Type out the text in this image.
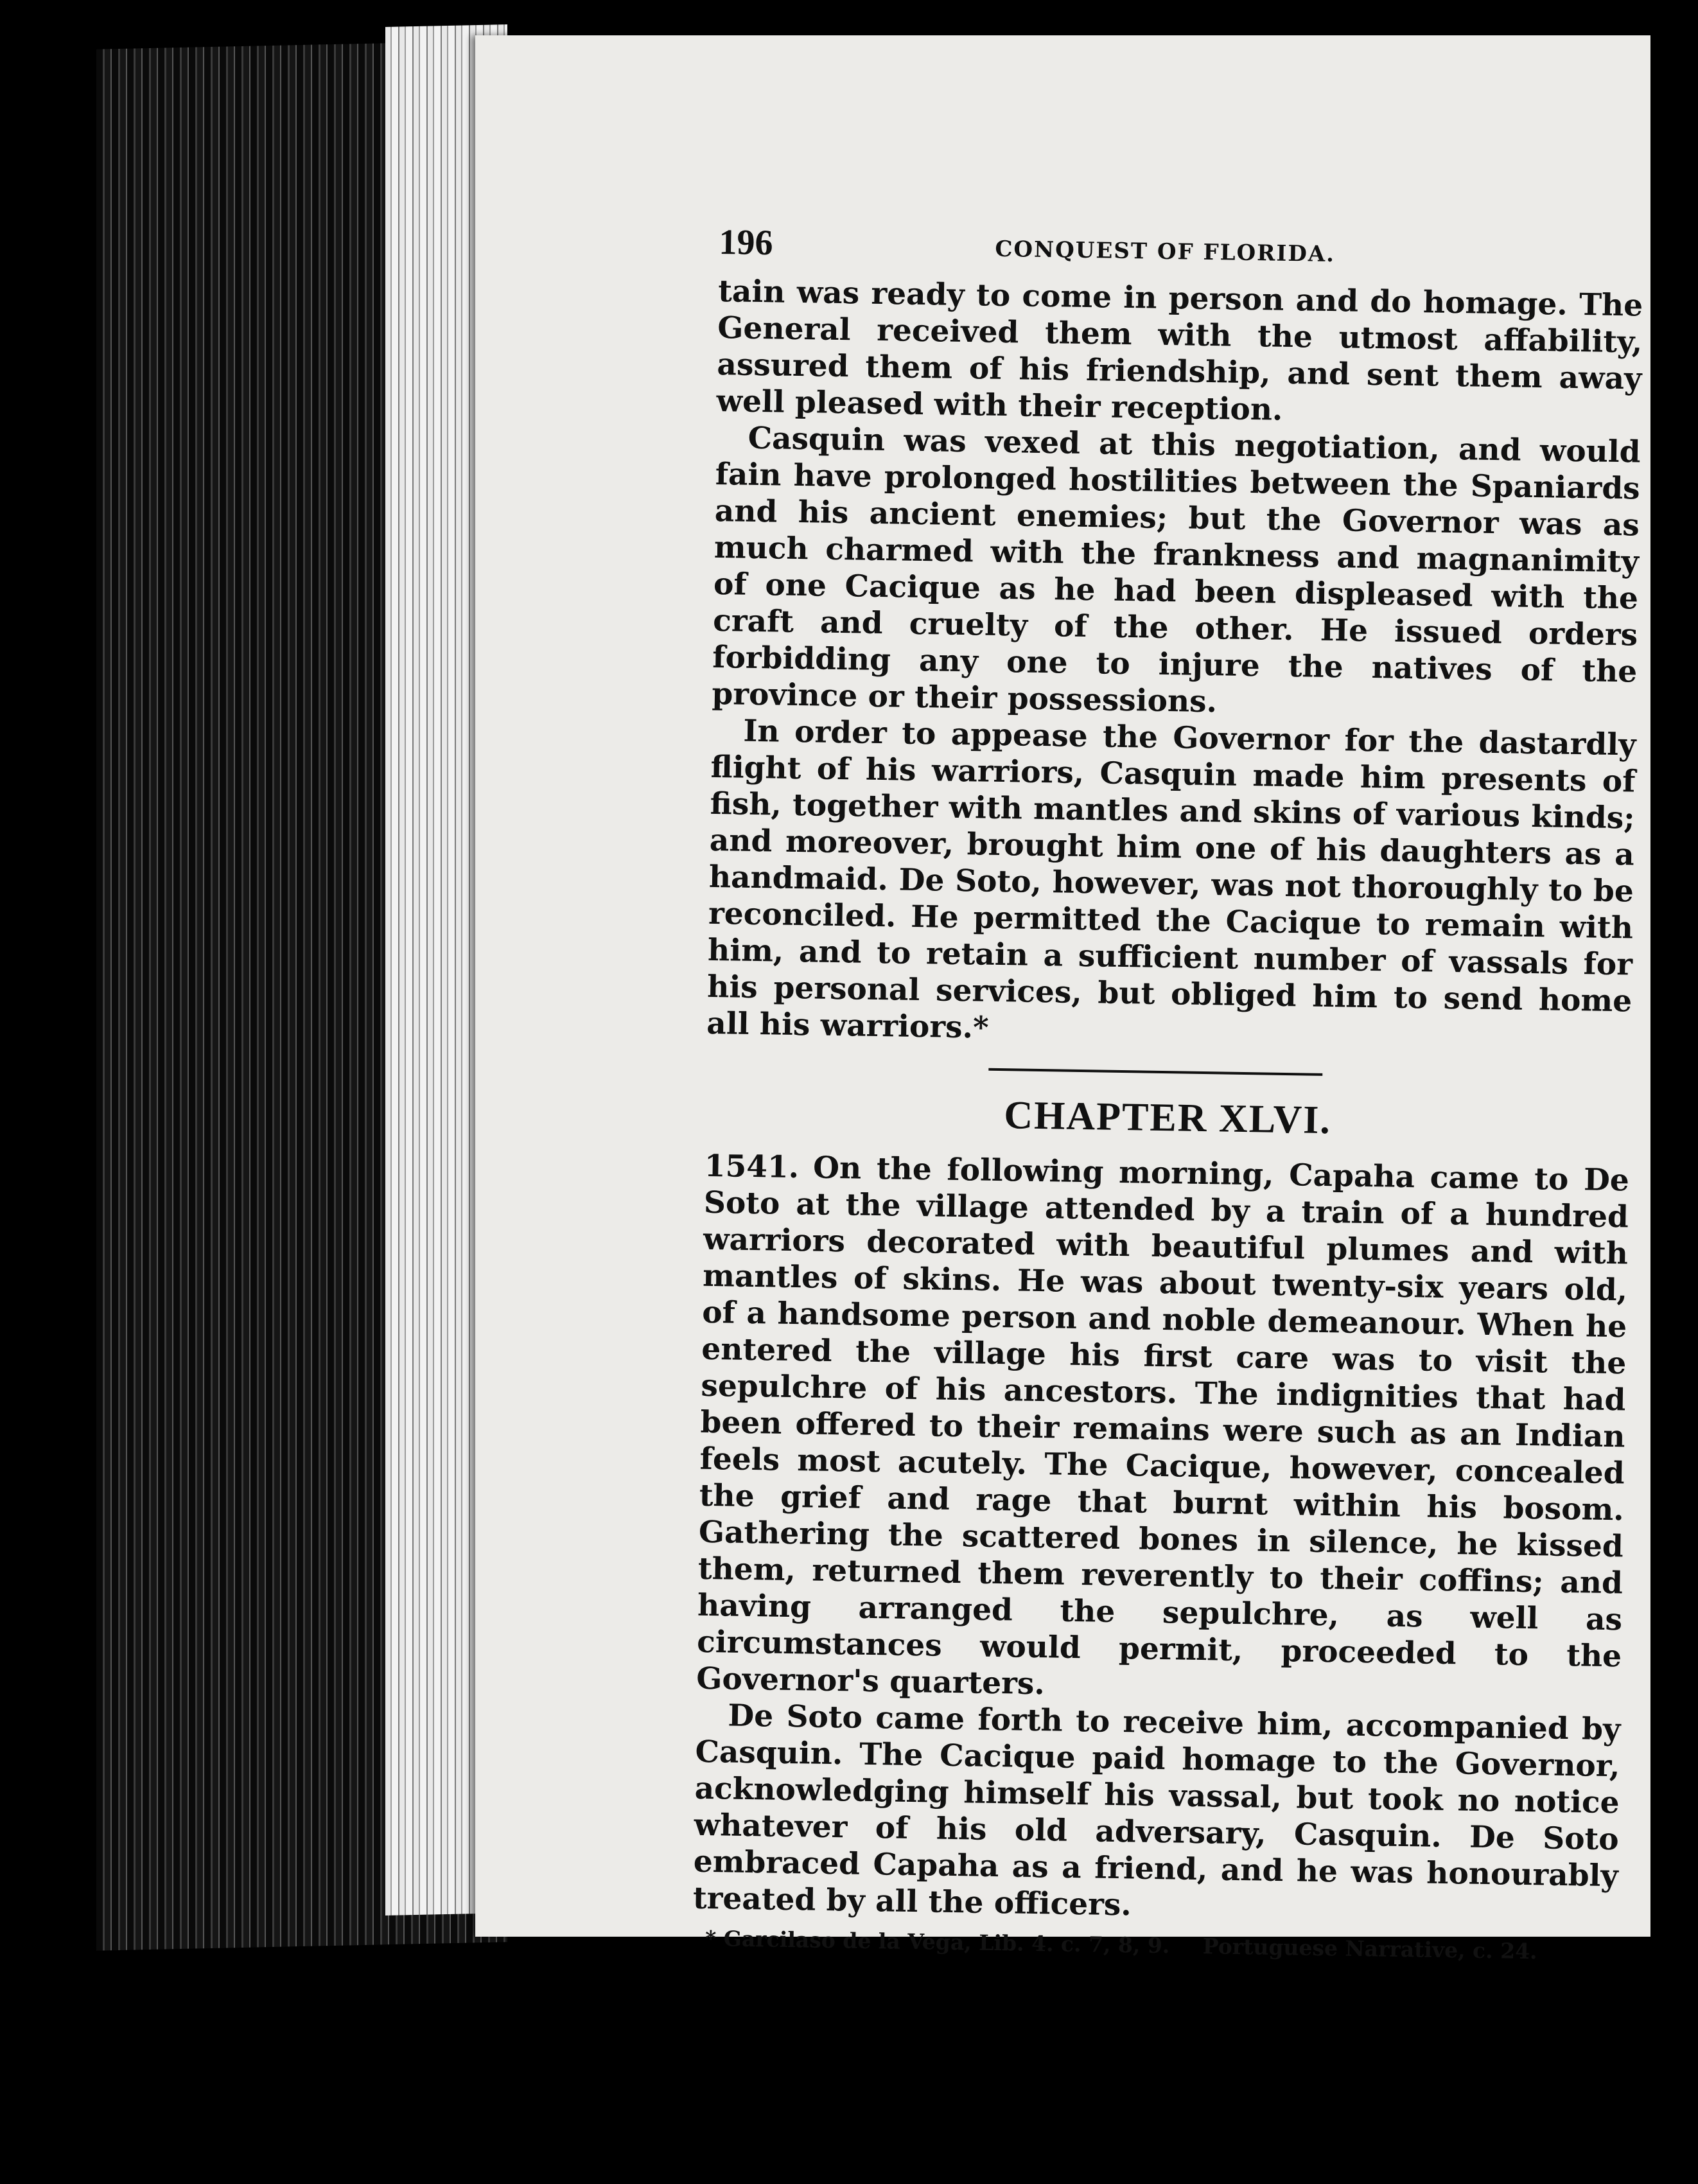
196	CONQUEST OF FLORIDA.

tain was ready to come in person and do homage. The General received them with the utmost affability, assured them of his friendship, and sent them away well pleased with their reception.

Casquin was vexed at this negotiation, and would fain have prolonged hostilities between the Spaniards and his ancient enemies; but the Governor was as much charmed with the frankness and magnanimity of one Cacique as he had been displeased with the craft and cruelty of the other. He issued orders forbidding any one to injure the natives of the province or their possessions.

In order to appease the Governor for the dastardly flight of his warriors, Casquin made him presents of fish, together with mantles and skins of various kinds; and moreover, brought him one of his daughters as a handmaid. De Soto, however, was not thoroughly to be reconciled. He permitted the Cacique to remain with him, and to retain a sufficient number of vassals for his personal services, but obliged him to send home all his warriors.*

CHAPTER XLVI.

1541. On the following morning, Capaha came to De Soto at the village attended by a train of a hundred warriors decorated with beautiful plumes and with mantles of skins. He was about twenty-six years old, of a handsome person and noble demeanour. When he entered the village his first care was to visit the sepulchre of his ancestors. The indignities that had been offered to their remains were such as an Indian feels most acutely. The Cacique, however, concealed the grief and rage that burnt within his bosom. Gathering the scattered bones in silence, he kissed them, returned them reverently to their coffins; and having arranged the sepulchre, as well as circumstances would permit, proceeded to the Governor's quarters.

De Soto came forth to receive him, accompanied by Casquin. The Cacique paid homage to the Governor, acknowledging himself his vassal, but took no notice whatever of his old adversary, Casquin. De Soto embraced Capaha as a friend, and he was honourably treated by all the officers.

* Garcilaso de la Vega, Lib. 4. c. 7, 8, 9. Portuguese Narrative, c. 24.
